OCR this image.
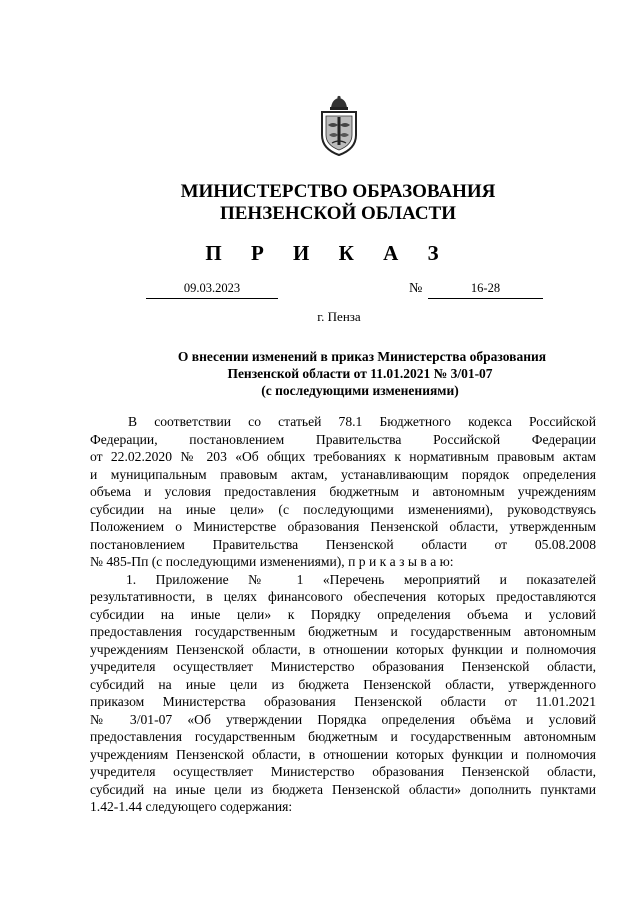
МИНИСТЕРСТВО ОБРАЗОВАНИЯ
ПЕНЗЕНСКОЙ ОБЛАСТИ
П Р И К А З
09.03.2023	№	16-28
г. Пенза
О внесении изменений в приказ Министерства образования
Пензенской области от 11.01.2021 № 3/01-07
(с последующими изменениями)
В соответствии со статьей 78.1 Бюджетного кодекса Российской
Федерации, постановлением Правительства Российской Федерации
от 22.02.2020 № 203 «Об общих требованиях к нормативным правовым актам
и муниципальным правовым актам, устанавливающим порядок определения
объема и условия предоставления бюджетным и автономным учреждениям
субсидии на иные цели» (с последующими изменениями), руководствуясь
Положением о Министерстве образования Пензенской области, утвержденным
постановлением Правительства Пензенской области от 05.08.2008
№ 485-Пп (с последующими изменениями), п р и к а з ы в а ю:
1. Приложение № 1 «Перечень мероприятий и показателей
результативности, в целях финансового обеспечения которых предоставляются
субсидии на иные цели» к Порядку определения объема и условий
предоставления государственным бюджетным и государственным автономным
учреждениям Пензенской области, в отношении которых функции и полномочия
учредителя осуществляет Министерство образования Пензенской области,
субсидий на иные цели из бюджета Пензенской области, утвержденного
приказом Министерства образования Пензенской области от 11.01.2021
№ 3/01-07 «Об утверждении Порядка определения объёма и условий
предоставления государственным бюджетным и государственным автономным
учреждениям Пензенской области, в отношении которых функции и полномочия
учредителя осуществляет Министерство образования Пензенской области,
субсидий на иные цели из бюджета Пензенской области» дополнить пунктами
1.42-1.44 следующего содержания:
